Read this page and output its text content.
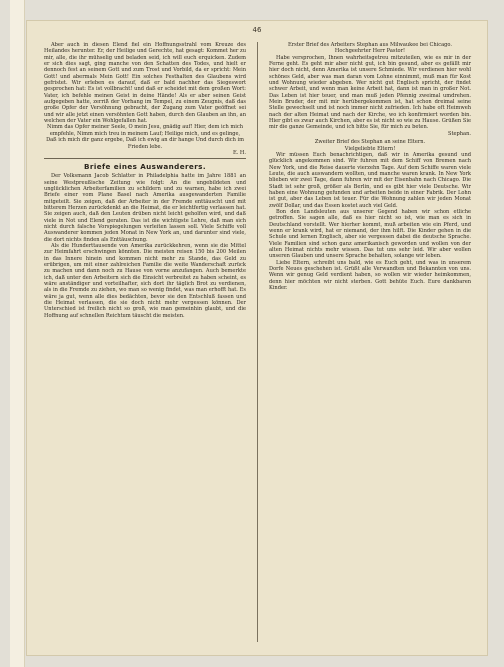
46

Aber auch in diesen Elend fiel ein Hoffnungsstrahl vom Kreuze des Heilandes herunter. Er, der Heilige und Gerechte, hat gesagt: Kommet her zu mir, alle, die ihr mühselig und beladen seid, ich will euch erquicken. Zudem er sich dies sagt, ging manche von den Schatten des Todes, und hielt er dennoch fest an seinem Gott und zum Trost und Vorbild, da er spricht: Mein Gott! und abermals Mein Gott! Ein solches Festhalten des Glaubens wird gefristet. Wir erleben es darauf, daß er bald nachher das Siegeswort gesprochen hat: Es ist vollbracht! und daß er scheidet mit dem großen Wort: Vater, ich befehle meinen Geist in deine Hände! Als er aber seinen Geist aufgegeben hatte, zerriß der Vorhang im Tempel, zu einem Zeugnis, daß das große Opfer der Versöhnung gebracht, der Zugang zum Vater geöffnet sei und wir alle jetzt einen versöhnten Gott haben, durch den Glauben an ihn, an welchen der Vater ein Wohlgefallen hat.

Nimm das Opfer meiner Seele, O mein Jesu, gnädig auf! Hier, dem ich mich empfehle, Nimm mich treu in meinem Lauf; Heilige mich, und es gelinge, Daß ich mich dir ganz ergebe, Daß ich ewig an dir hange Und durch dich im Frieden lebe.

E. H.

Briefe eines Auswanderers.

Der Volksmann Jacob Schlatter in Philadelphia hatte im Jahre 1881 an seine Westpreußische Zeitung wie folgt: An die ungebildeten und unglücklichen Arbeiterfamilien zu schildern und zu warnen, habe ich zwei Briefe einer vom Plane Basel nach Amerika ausgewanderten Familie mitgeteilt. Sie zeigen, daß der Arbeiter in der Fremde enttäuscht und mit bitterem Herzen zurückdenkt an die Heimat, die er leichtfertig verlassen hat. Sie zeigen auch, daß den Leuten drüben nicht leicht geholfen wird, und daß viele in Not und Elend geraten. Das ist die wichtigste Lehre, daß man sich nicht durch falsche Vorspiegelungen verleiten lassen soll. Viele Schiffe voll Auswanderer kommen jeden Monat in New York an, und darunter sind viele, die dort nichts finden als Enttäuschung.

Als die Hunderttausende von Amerika zurückkehren, wenn sie die Mittel zur Heimfahrt erschwingen könnten. Die meisten reisen 150 bis 200 Meilen in das Innere hinein und kommen nicht mehr zu Stande, das Geld zu erübrigen, um mit einer zahlreichen Familie die weite Wanderschaft zurück zu machen und dann noch zu Hause von vorne anzufangen. Auch bemerkte ich, daß unter den Arbeitern sich die Einsicht verbreitet zu haben scheint, es wäre anständiger und vorteilhafter, sich dort ihr täglich Brot zu verdienen, als in die Fremde zu ziehen, wo man so wenig findet, was man erhofft hat. Es wäre ja gut, wenn alle dies bedächten, bevor sie den Entschluß fassen und die Heimat verlassen, die sie doch nicht mehr vergessen können. Der Unterschied ist freilich nicht so groß, wie man gemeinhin glaubt, und die Hoffnung auf schnellen Reichtum täuscht die meisten.

Erster Brief des Arbeiters Stephan aus Milwaukee bei Chicago.

Hochgeehrter Herr Pastor!

Habe versprochen, Ihnen wahrheitsgetreu mitzuteilen, wie es mir in der Ferne geht. Es geht mir aber nicht gut, ich bin gesund, aber es gefällt mir hier doch nicht, denn Amerika ist unsere Schmiede. Wir verdienen hier wohl schönes Geld, aber was man daran vom Lohne einnimmt, muß man für Kost und Wohnung wieder abgeben. Wer nicht gut Englisch spricht, der findet schwer Arbeit, und wenn man keine Arbeit hat, dann ist man in großer Not. Das Leben ist hier teuer, und man muß jeden Pfennig zweimal umdrehen. Mein Bruder, der mit mir herübergekommen ist, hat schon dreimal seine Stelle gewechselt und ist noch immer nicht zufrieden. Ich habe oft Heimweh nach der alten Heimat und nach der Kirche, wo ich konfirmiert worden bin. Hier gibt es zwar auch Kirchen, aber es ist nicht so wie zu Hause. Grüßen Sie mir die ganze Gemeinde, und ich bitte Sie, für mich zu beten.

Stephan.

Zweiter Brief des Stephan an seine Eltern.

Vielgeliebte Eltern!

Wir müssen Euch benachrichtigen, daß wir in Amerika gesund und glücklich angekommen sind. Wir fuhren mit dem Schiff von Bremen nach New York, und die Reise dauerte vierzehn Tage. Auf dem Schiffe waren viele Leute, die auch auswandern wollten, und manche waren krank. In New York blieben wir zwei Tage, dann fuhren wir mit der Eisenbahn nach Chicago. Die Stadt ist sehr groß, größer als Berlin, und es gibt hier viele Deutsche. Wir haben eine Wohnung gefunden und arbeiten beide in einer Fabrik. Der Lohn ist gut, aber das Leben ist teuer. Für die Wohnung zahlen wir jeden Monat zwölf Dollar, und das Essen kostet auch viel Geld.

Bon den Landsleuten aus unserer Gegend haben wir schon etliche getroffen. Sie sagen alle, daß es hier nicht so ist, wie man es sich in Deutschland vorstellt. Wer hierher kommt, muß arbeiten wie ein Pferd, und wenn er krank wird, hat er niemand, der ihm hilft. Die Kinder gehen in die Schule und lernen Englisch, aber sie vergessen dabei die deutsche Sprache. Viele Familien sind schon ganz amerikanisch geworden und wollen von der alten Heimat nichts mehr wissen. Das tut uns sehr leid. Wir aber wollen unseren Glauben und unsere Sprache behalten, solange wir leben.

Liebe Eltern, schreibt uns bald, wie es Euch geht, und was in unserem Dorfe Neues geschehen ist. Grüßt alle Verwandten und Bekannten von uns. Wenn wir genug Geld verdient haben, so wollen wir wieder heimkommen, denn hier möchten wir nicht sterben. Gott behüte Euch. Eure dankbaren Kinder.
